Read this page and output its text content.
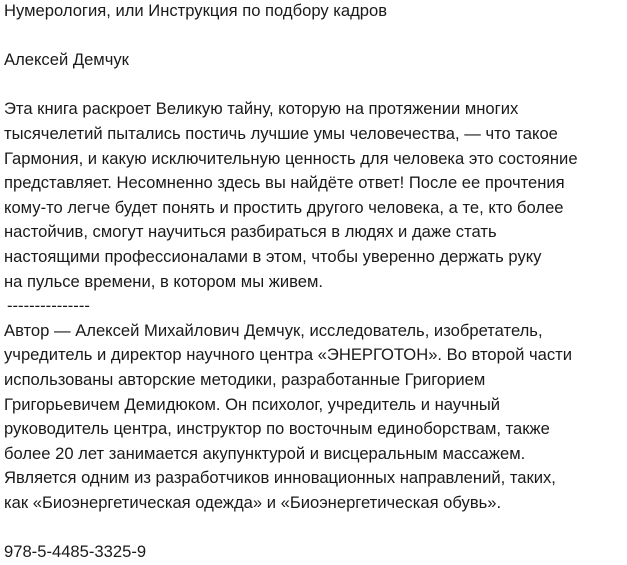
Нумерология, или Инструкция по подбору кадров
Алексей Демчук
Эта книга раскроет Великую тайну, которую на протяжении многих
тысячелетий пытались постичь лучшие умы человечества, — что такое
Гармония, и какую исключительную ценность для человека это состояние
представляет. Несомненно здесь вы найдёте ответ! После ее прочтения
кому-то легче будет понять и простить другого человека, а те, кто более
настойчив, смогут научиться разбираться в людях и даже стать
настоящими профессионалами в этом, чтобы уверенно держать руку
на пульсе времени, в котором мы живем.
---------------
Автор — Алексей Михайлович Демчук, исследователь, изобретатель,
учредитель и директор научного центра «ЭНЕРГОТОН». Во второй части
использованы авторские методики, разработанные Григорием
Григорьевичем Демидюком. Он психолог, учредитель и научный
руководитель центра, инструктор по восточным единоборствам, также
более 20 лет занимается акупунктурой и висцеральным массажем.
Является одним из разработчиков инновационных направлений, таких,
как «Биоэнергетическая одежда» и «Биоэнергетическая обувь».
978-5-4485-3325-9
